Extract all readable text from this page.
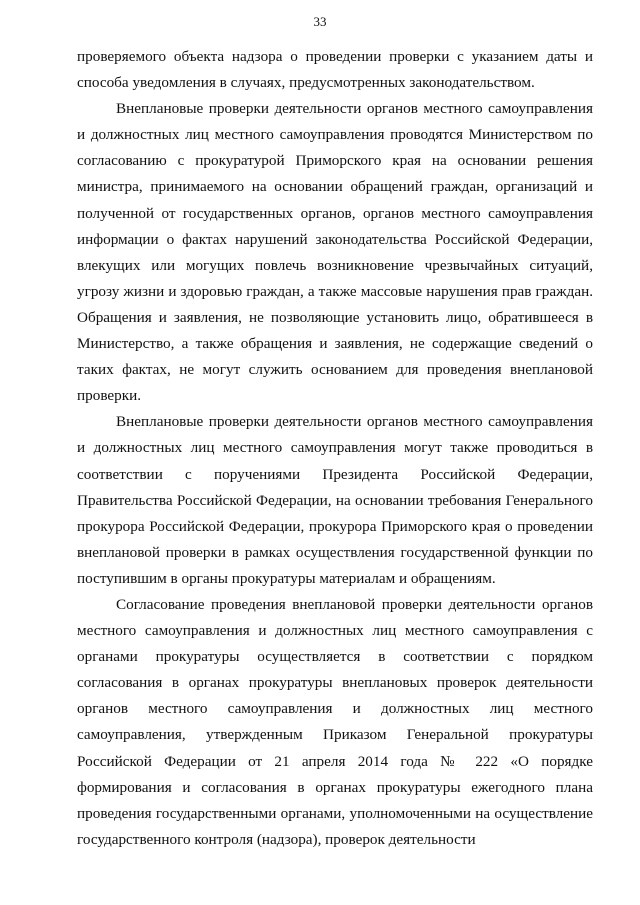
33

проверяемого объекта надзора о проведении проверки с указанием даты и способа уведомления в случаях, предусмотренных законодательством.

Внеплановые проверки деятельности органов местного самоуправления и должностных лиц местного самоуправления проводятся Министерством по согласованию с прокуратурой Приморского края на основании решения министра, принимаемого на основании обращений граждан, организаций и полученной от государственных органов, органов местного самоуправления информации о фактах нарушений законодательства Российской Федерации, влекущих или могущих повлечь возникновение чрезвычайных ситуаций, угрозу жизни и здоровью граждан, а также массовые нарушения прав граждан. Обращения и заявления, не позволяющие установить лицо, обратившееся в Министерство, а также обращения и заявления, не содержащие сведений о таких фактах, не могут служить основанием для проведения внеплановой проверки.

Внеплановые проверки деятельности органов местного самоуправления и должностных лиц местного самоуправления могут также проводиться в соответствии с поручениями Президента Российской Федерации, Правительства Российской Федерации, на основании требования Генерального прокурора Российской Федерации, прокурора Приморского края о проведении внеплановой проверки в рамках осуществления государственной функции по поступившим в органы прокуратуры материалам и обращениям.

Согласование проведения внеплановой проверки деятельности органов местного самоуправления и должностных лиц местного самоуправления с органами прокуратуры осуществляется в соответствии с порядком согласования в органах прокуратуры внеплановых проверок деятельности органов местного самоуправления и должностных лиц местного самоуправления, утвержденным Приказом Генеральной прокуратуры Российской Федерации от 21 апреля 2014 года № 222 «О порядке формирования и согласования в органах прокуратуры ежегодного плана проведения государственными органами, уполномоченными на осуществление государственного контроля (надзора), проверок деятельности
